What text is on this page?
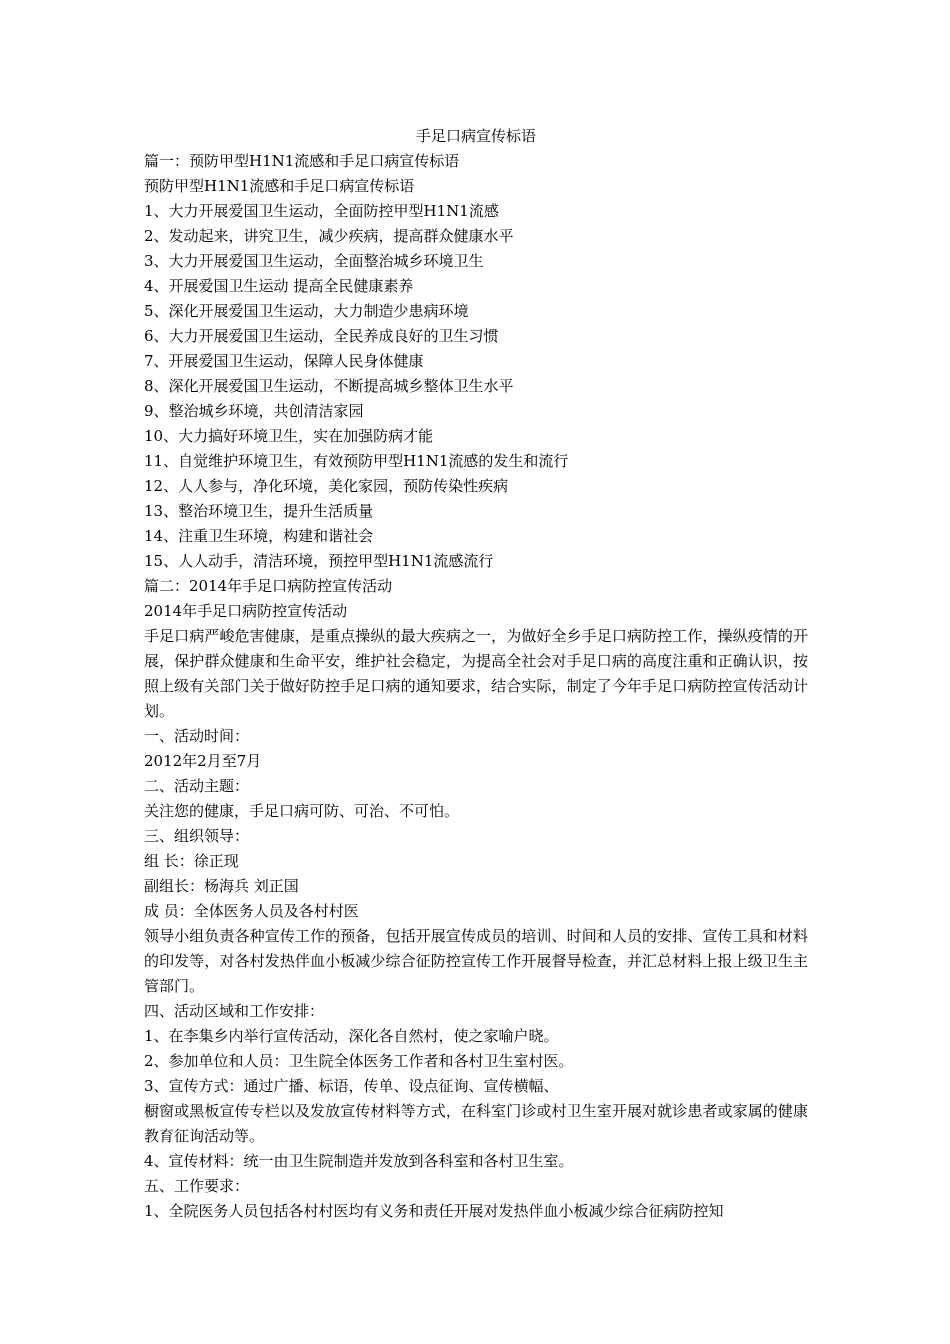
手足口病宣传标语

篇一：预防甲型H1N1流感和手足口病宣传标语

预防甲型H1N1流感和手足口病宣传标语

1、大力开展爱国卫生运动，全面防控甲型H1N1流感

2、发动起来，讲究卫生，减少疾病，提高群众健康水平

3、大力开展爱国卫生运动，全面整治城乡环境卫生

4、开展爱国卫生运动 提高全民健康素养

5、深化开展爱国卫生运动，大力制造少患病环境

6、大力开展爱国卫生运动，全民养成良好的卫生习惯

7、开展爱国卫生运动，保障人民身体健康

8、深化开展爱国卫生运动，不断提高城乡整体卫生水平

9、整治城乡环境，共创清洁家园

10、大力搞好环境卫生，实在加强防病才能

11、自觉维护环境卫生，有效预防甲型H1N1流感的发生和流行

12、人人参与，净化环境，美化家园，预防传染性疾病

13、整治环境卫生，提升生活质量

14、注重卫生环境，构建和谐社会

15、人人动手，清洁环境，预控甲型H1N1流感流行

篇二：2014年手足口病防控宣传活动

2014年手足口病防控宣传活动

手足口病严峻危害健康，是重点操纵的最大疾病之一，为做好全乡手足口病防控工作，操纵疫情的开展，保护群众健康和生命平安，维护社会稳定，为提高全社会对手足口病的高度注重和正确认识，按照上级有关部门关于做好防控手足口病的通知要求，结合实际，制定了今年手足口病防控宣传活动计划。

一、活动时间：

2012年2月至7月

二、活动主题：

关注您的健康，手足口病可防、可治、不可怕。

三、组织领导：

组 长：徐正现

副组长：杨海兵 刘正国

成 员：全体医务人员及各村村医

领导小组负责各种宣传工作的预备，包括开展宣传成员的培训、时间和人员的安排、宣传工具和材料的印发等，对各村发热伴血小板减少综合征防控宣传工作开展督导检查，并汇总材料上报上级卫生主管部门。

四、活动区域和工作安排：

1、在李集乡内举行宣传活动，深化各自然村，使之家喻户晓。

2、参加单位和人员：卫生院全体医务工作者和各村卫生室村医。

3、宣传方式：通过广播、标语，传单、设点征询、宣传横幅、

橱窗或黑板宣传专栏以及发放宣传材料等方式，在科室门诊或村卫生室开展对就诊患者或家属的健康教育征询活动等。

4、宣传材料：统一由卫生院制造并发放到各科室和各村卫生室。

五、工作要求：

1、全院医务人员包括各村村医均有义务和责任开展对发热伴血小板减少综合征病防控知
